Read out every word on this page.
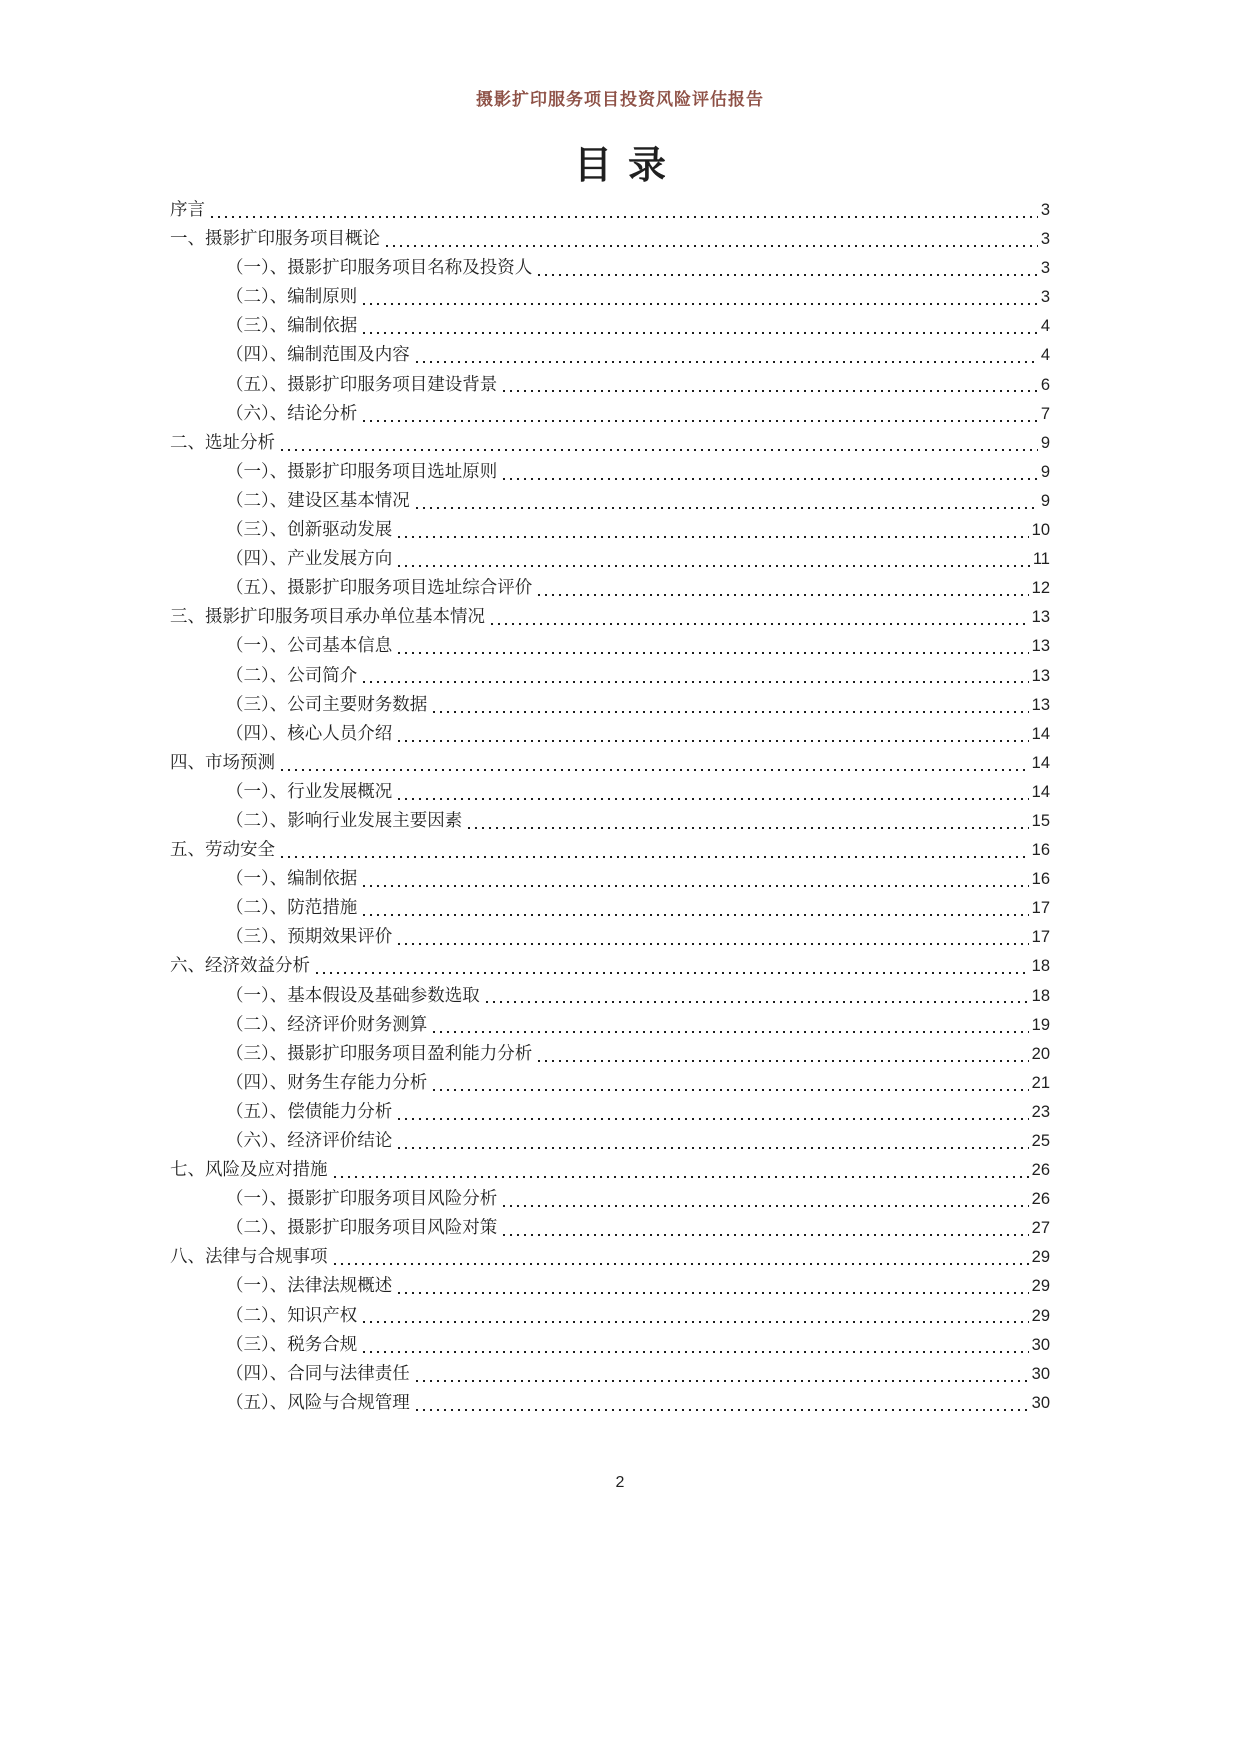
摄影扩印服务项目投资风险评估报告
目录
序言	3
一、摄影扩印服务项目概论	3
（一）、摄影扩印服务项目名称及投资人	3
（二）、编制原则	3
（三）、编制依据	4
（四）、编制范围及内容	4
（五）、摄影扩印服务项目建设背景	6
（六）、结论分析	7
二、选址分析	9
（一）、摄影扩印服务项目选址原则	9
（二）、建设区基本情况	9
（三）、创新驱动发展	10
（四）、产业发展方向	11
（五）、摄影扩印服务项目选址综合评价	12
三、摄影扩印服务项目承办单位基本情况	13
（一）、公司基本信息	13
（二）、公司简介	13
（三）、公司主要财务数据	13
（四）、核心人员介绍	14
四、市场预测	14
（一）、行业发展概况	14
（二）、影响行业发展主要因素	15
五、劳动安全	16
（一）、编制依据	16
（二）、防范措施	17
（三）、预期效果评价	17
六、经济效益分析	18
（一）、基本假设及基础参数选取	18
（二）、经济评价财务测算	19
（三）、摄影扩印服务项目盈利能力分析	20
（四）、财务生存能力分析	21
（五）、偿债能力分析	23
（六）、经济评价结论	25
七、风险及应对措施	26
（一）、摄影扩印服务项目风险分析	26
（二）、摄影扩印服务项目风险对策	27
八、法律与合规事项	29
（一）、法律法规概述	29
（二）、知识产权	29
（三）、税务合规	30
（四）、合同与法律责任	30
（五）、风险与合规管理	30
2
